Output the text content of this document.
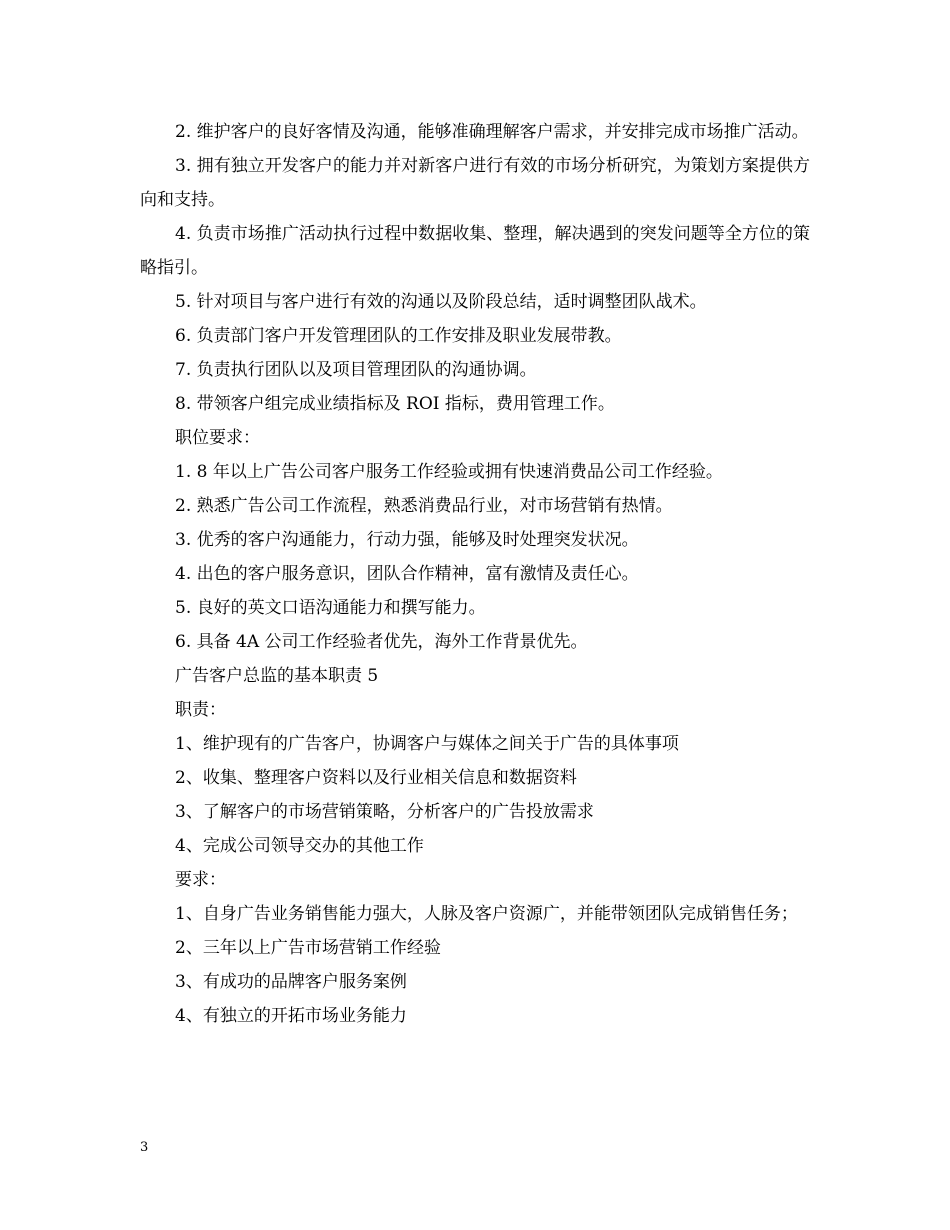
2. 维护客户的良好客情及沟通，能够准确理解客户需求，并安排完成市场推广活动。

3. 拥有独立开发客户的能力并对新客户进行有效的市场分析研究，为策划方案提供方向和支持。

4. 负责市场推广活动执行过程中数据收集、整理，解决遇到的突发问题等全方位的策略指引。

5. 针对项目与客户进行有效的沟通以及阶段总结，适时调整团队战术。

6. 负责部门客户开发管理团队的工作安排及职业发展带教。

7. 负责执行团队以及项目管理团队的沟通协调。

8. 带领客户组完成业绩指标及 ROI 指标，费用管理工作。

职位要求：

1. 8 年以上广告公司客户服务工作经验或拥有快速消费品公司工作经验。

2. 熟悉广告公司工作流程，熟悉消费品行业，对市场营销有热情。

3. 优秀的客户沟通能力，行动力强，能够及时处理突发状况。

4. 出色的客户服务意识，团队合作精神，富有激情及责任心。

5. 良好的英文口语沟通能力和撰写能力。

6. 具备 4A 公司工作经验者优先，海外工作背景优先。

广告客户总监的基本职责 5

职责：

1、维护现有的广告客户，协调客户与媒体之间关于广告的具体事项

2、收集、整理客户资料以及行业相关信息和数据资料

3、了解客户的市场营销策略，分析客户的广告投放需求

4、完成公司领导交办的其他工作

要求：

1、自身广告业务销售能力强大，人脉及客户资源广，并能带领团队完成销售任务；

2、三年以上广告市场营销工作经验

3、有成功的品牌客户服务案例

4、有独立的开拓市场业务能力

3
